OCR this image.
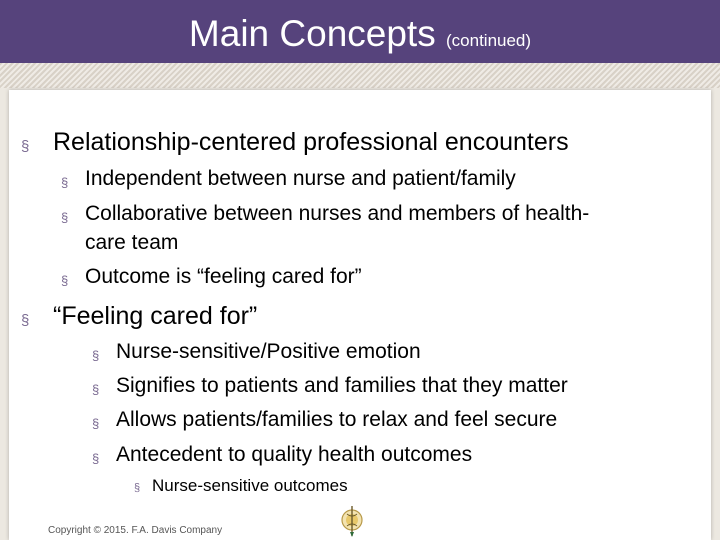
Main Concepts (continued)
§ Relationship-centered professional encounters
§ Independent between nurse and patient/family
§ Collaborative between nurses and members of health-
care team
§ Outcome is “feeling cared for”
§ “Feeling cared for”
§ Nurse-sensitive/Positive emotion
§ Signifies to patients and families that they matter
§ Allows patients/families to relax and feel secure
§ Antecedent to quality health outcomes
§ Nurse-sensitive outcomes
Copyright © 2015. F.A. Davis Company
